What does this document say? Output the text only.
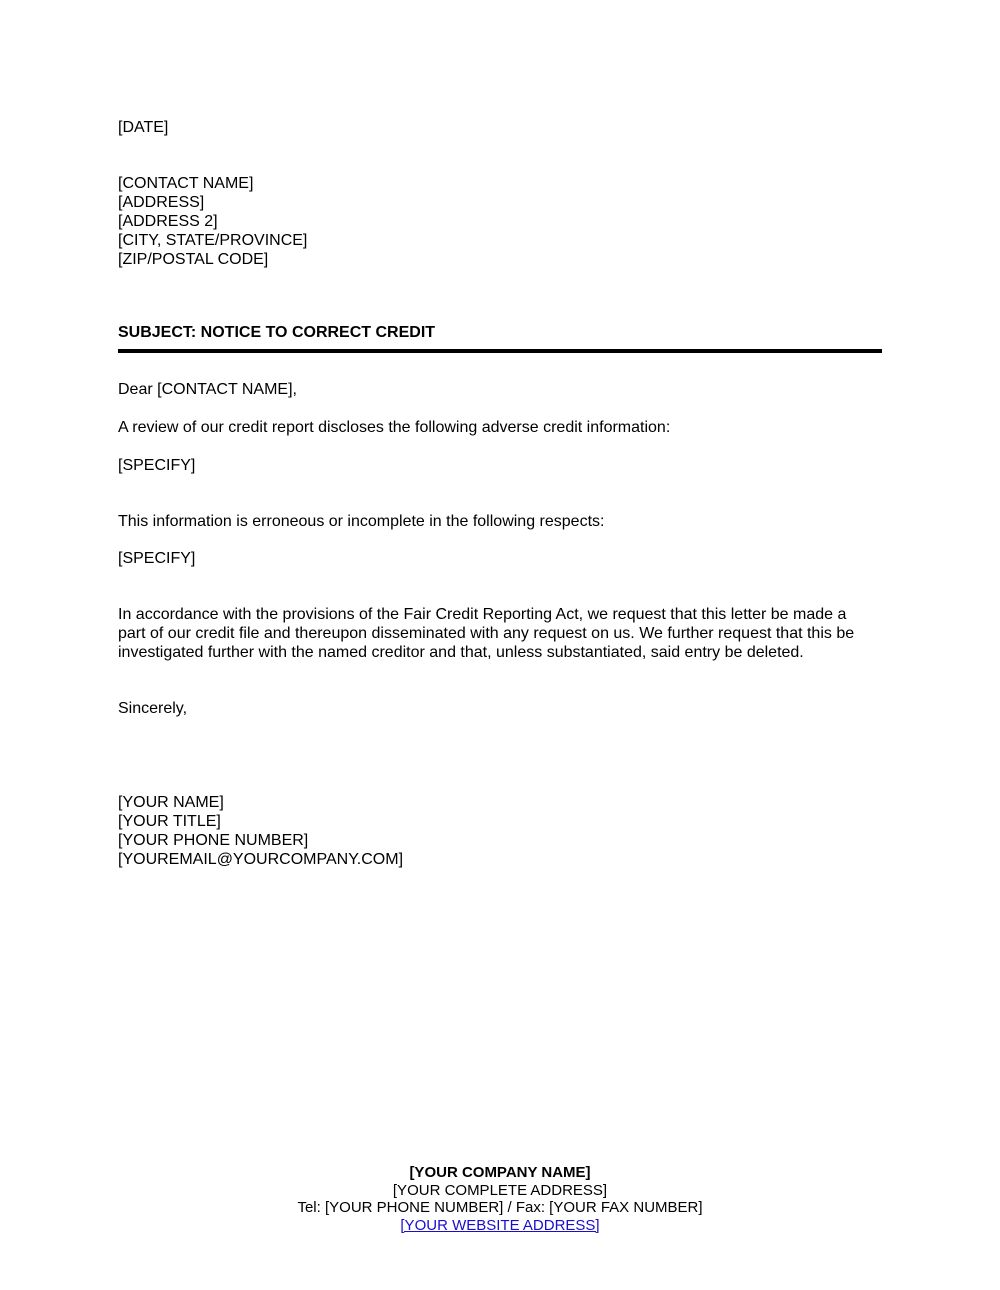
[DATE]
[CONTACT NAME]
[ADDRESS]
[ADDRESS 2]
[CITY, STATE/PROVINCE]
[ZIP/POSTAL CODE]
SUBJECT: NOTICE TO CORRECT CREDIT
Dear [CONTACT NAME],
A review of our credit report discloses the following adverse credit information:
[SPECIFY]
This information is erroneous or incomplete in the following respects:
[SPECIFY]
In accordance with the provisions of the Fair Credit Reporting Act, we request that this letter be made a
part of our credit file and thereupon disseminated with any request on us. We further request that this be
investigated further with the named creditor and that, unless substantiated, said entry be deleted.
Sincerely,
[YOUR NAME]
[YOUR TITLE]
[YOUR PHONE NUMBER]
[YOUREMAIL@YOURCOMPANY.COM]
[YOUR COMPANY NAME]
[YOUR COMPLETE ADDRESS]
Tel: [YOUR PHONE NUMBER] / Fax: [YOUR FAX NUMBER]
[YOUR WEBSITE ADDRESS]
